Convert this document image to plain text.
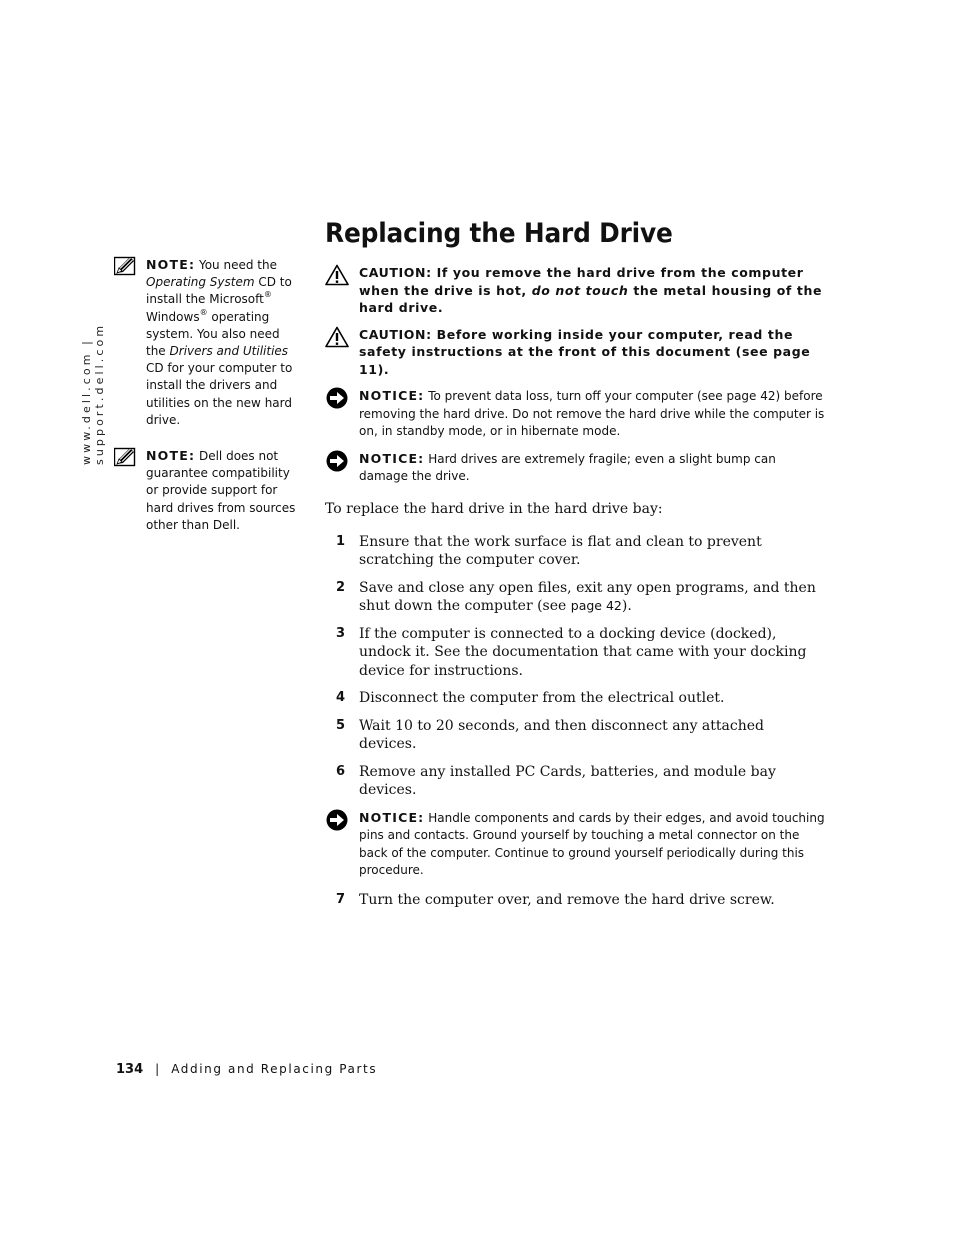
www.dell.com | support.dell.com
NOTE: You need the Operating System CD to install the Microsoft® Windows® operating system. You also need the Drivers and Utilities CD for your computer to install the drivers and utilities on the new hard drive.
NOTE: Dell does not guarantee compatibility or provide support for hard drives from sources other than Dell.
Replacing the Hard Drive
CAUTION: If you remove the hard drive from the computer when the drive is hot, do not touch the metal housing of the hard drive.
CAUTION: Before working inside your computer, read the safety instructions at the front of this document (see page 11).
NOTICE: To prevent data loss, turn off your computer (see page 42) before removing the hard drive. Do not remove the hard drive while the computer is on, in standby mode, or in hibernate mode.
NOTICE: Hard drives are extremely fragile; even a slight bump can damage the drive.
To replace the hard drive in the hard drive bay:
1 Ensure that the work surface is flat and clean to prevent scratching the computer cover.
2 Save and close any open files, exit any open programs, and then shut down the computer (see page 42).
3 If the computer is connected to a docking device (docked), undock it. See the documentation that came with your docking device for instructions.
4 Disconnect the computer from the electrical outlet.
5 Wait 10 to 20 seconds, and then disconnect any attached devices.
6 Remove any installed PC Cards, batteries, and module bay devices.
NOTICE: Handle components and cards by their edges, and avoid touching pins and contacts. Ground yourself by touching a metal connector on the back of the computer. Continue to ground yourself periodically during this procedure.
7 Turn the computer over, and remove the hard drive screw.
134 | Adding and Replacing Parts
